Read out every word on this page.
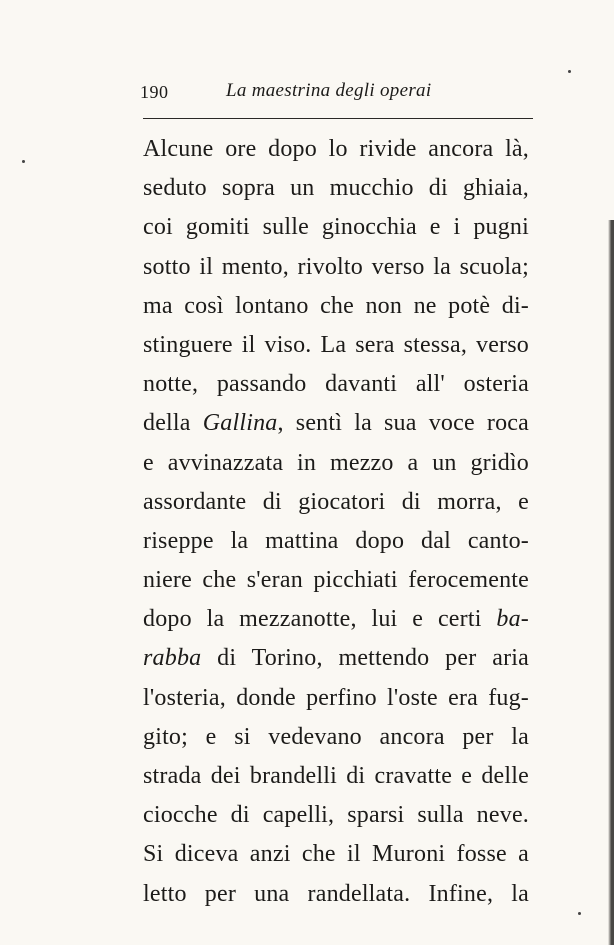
190	La maestrina degli operai
Alcune ore dopo lo rivide ancora là,
seduto sopra un mucchio di ghiaia,
coi gomiti sulle ginocchia e i pugni
sotto il mento, rivolto verso la scuola;
ma così lontano che non ne potè di-
stinguere il viso. La sera stessa, verso
notte, passando davanti all' osteria
della Gallina, sentì la sua voce roca
e avvinazzata in mezzo a un gridìo
assordante di giocatori di morra, e
riseppe la mattina dopo dal canto-
niere che s'eran picchiati ferocemente
dopo la mezzanotte, lui e certi ba-
rabba di Torino, mettendo per aria
l'osteria, donde perfino l'oste era fug-
gito; e si vedevano ancora per la
strada dei brandelli di cravatte e delle
ciocche di capelli, sparsi sulla neve.
Si diceva anzi che il Muroni fosse a
letto per una randellata. Infine, la
